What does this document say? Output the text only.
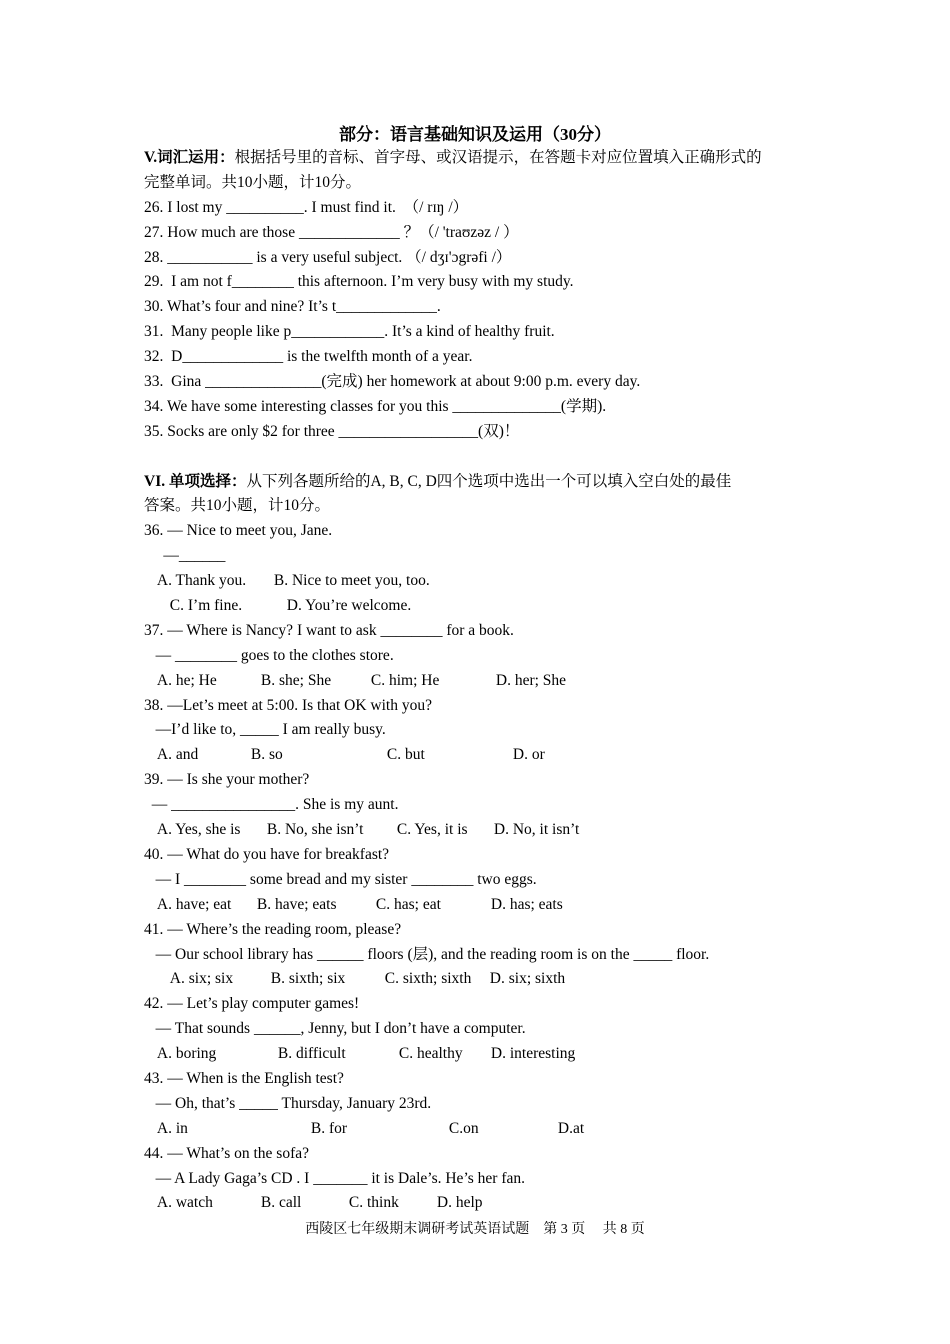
部分：语言基础知识及运用（30分）
V.词汇运用：根据括号里的音标、首字母、或汉语提示，在答题卡对应位置填入正确形式的
完整单词。共10小题，计10分。
26. I lost my __________. I must find it.  （/ rɪŋ /）
27. How much are those _____________ ？（/ 'traʊzəz / ）
28. ___________ is a very useful subject. （/ dʒɪ'ɔgrəfi /）
29.  I am not f________ this afternoon. I’m very busy with my study.
30. What’s four and nine? It’s t_____________.
31.  Many people like p____________. It’s a kind of healthy fruit.
32.  D_____________ is the twelfth month of a year.
33.  Gina _______________(完成) her homework at about 9:00 p.m. every day.
34. We have some interesting classes for you this ______________(学期).
35. Socks are only $2 for three __________________(双)！
VI. 单项选择：从下列各题所给的A, B, C, D四个选项中选出一个可以填入空白处的最佳
答案。共10小题，计10分。
36. — Nice to meet you, Jane.
—______
A. Thank you. B. Nice to meet you, too.
C. I’m fine.	D. You’re welcome.
37. — Where is Nancy? I want to ask ________ for a book.
— ________ goes to the clothes store.
A. he; He	B. she; She	C. him; He	D. her; She
38. —Let’s meet at 5:00. Is that OK with you?
—I’d like to, _____ I am really busy.
A. and	B. so	C. but	D. or
39. — Is she your mother?
— ________________. She is my aunt.
A. Yes, she is B. No, she isn’t C. Yes, it is D. No, it isn’t
40. — What do you have for breakfast?
— I ________ some bread and my sister ________ two eggs.
A. have; eat B. have; eats	C. has; eat	D. has; eats
41. — Where’s the reading room, please?
— Our school library has ______ floors (层), and the reading room is on the _____ floor.
A. six; six B. sixth; six	C. sixth; sixth D. six; sixth
42. — Let’s play computer games!
— That sounds ______, Jenny, but I don’t have a computer.
A. boring	B. difficult	C. healthy D. interesting
43. — When is the English test?
— Oh, that’s _____ Thursday, January 23rd.
A. in	B. for	C.on	D.at
44. — What’s on the sofa?
— A Lady Gaga’s CD . I _______ it is Dale’s. He’s her fan.
A. watch	B. call	C. think D. help
西陵区七年级期末调研考试英语试题    第 3 页     共 8 页
